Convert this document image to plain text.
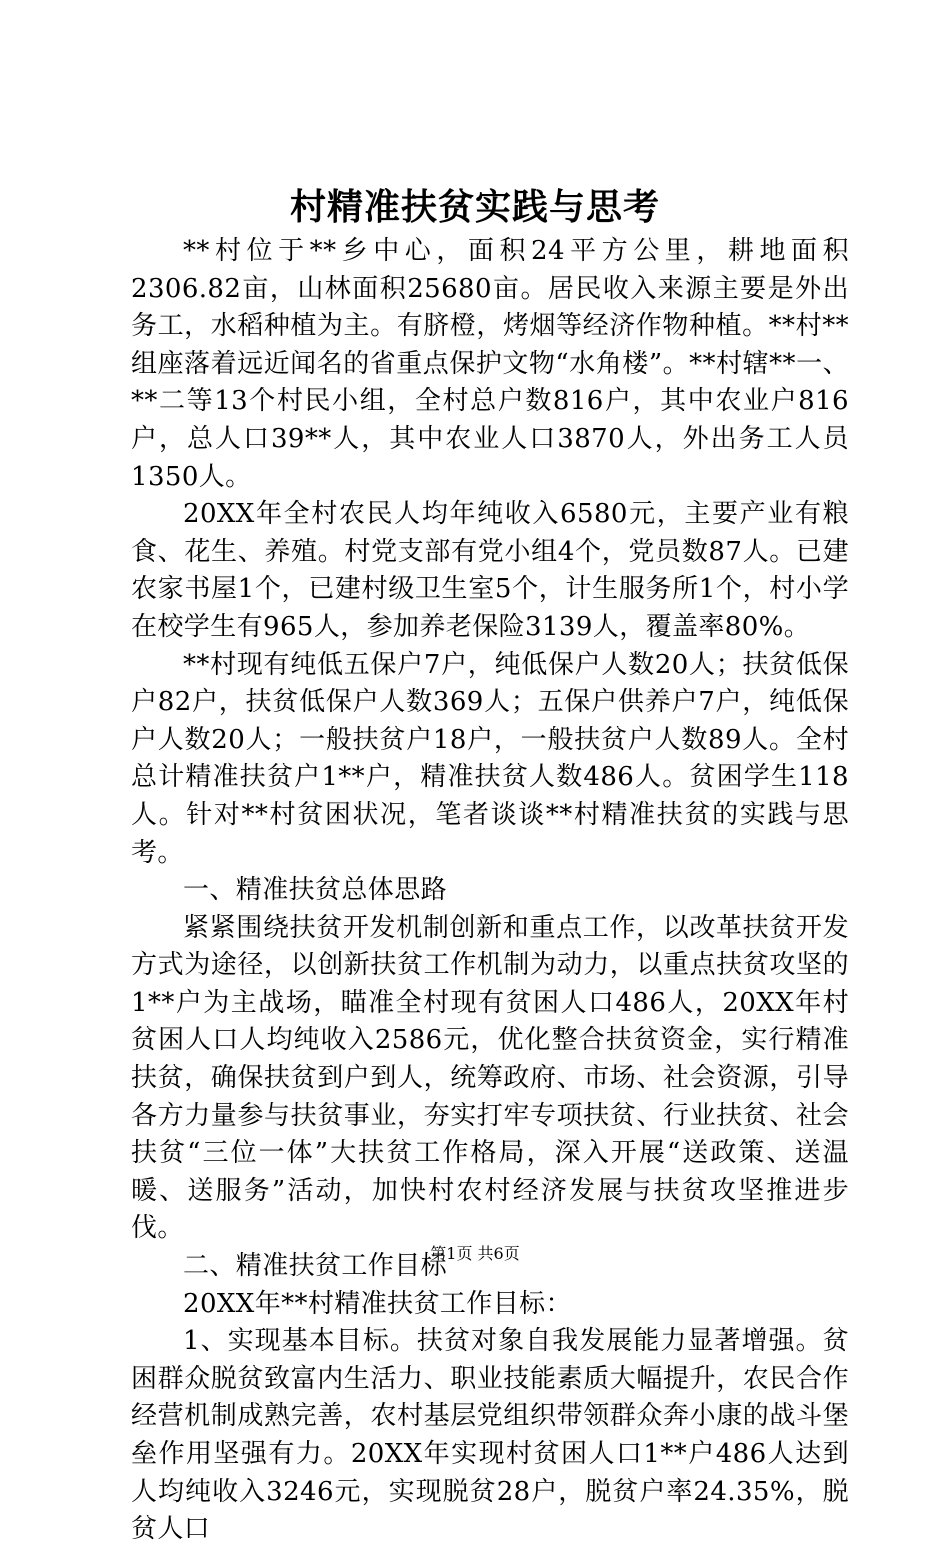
村精准扶贫实践与思考

**村位于**乡中心，面积24平方公里，耕地面积2306.82亩，山林面积25680亩。居民收入来源主要是外出务工，水稻种植为主。有脐橙，烤烟等经济作物种植。**村**组座落着远近闻名的省重点保护文物“水角楼”。**村辖**一、**二等13个村民小组，全村总户数816户，其中农业户816户，总人口39**人，其中农业人口3870人，外出务工人员1350人。

20XX年全村农民人均年纯收入6580元，主要产业有粮食、花生、养殖。村党支部有党小组4个，党员数87人。已建农家书屋1个，已建村级卫生室5个，计生服务所1个，村小学在校学生有965人，参加养老保险3139人，覆盖率80%。

**村现有纯低五保户7户，纯低保户人数20人；扶贫低保户82户，扶贫低保户人数369人；五保户供养户7户，纯低保户人数20人；一般扶贫户18户，一般扶贫户人数89人。全村总计精准扶贫户1**户，精准扶贫人数486人。贫困学生118人。针对**村贫困状况，笔者谈谈**村精准扶贫的实践与思考。

一、精准扶贫总体思路

紧紧围绕扶贫开发机制创新和重点工作，以改革扶贫开发方式为途径，以创新扶贫工作机制为动力，以重点扶贫攻坚的1**户为主战场，瞄准全村现有贫困人口486人，20XX年村贫困人口人均纯收入2586元，优化整合扶贫资金，实行精准扶贫，确保扶贫到户到人，统筹政府、市场、社会资源，引导各方力量参与扶贫事业，夯实打牢专项扶贫、行业扶贫、社会扶贫“三位一体”大扶贫工作格局，深入开展“送政策、送温暖、送服务”活动，加快村农村经济发展与扶贫攻坚推进步伐。

二、精准扶贫工作目标

20XX年**村精准扶贫工作目标：

1、实现基本目标。扶贫对象自我发展能力显著增强。贫困群众脱贫致富内生活力、职业技能素质大幅提升，农民合作经营机制成熟完善，农村基层党组织带领群众奔小康的战斗堡垒作用坚强有力。20XX年实现村贫困人口1**户486人达到人均纯收入3246元，实现脱贫28户，脱贫户率24.35%，脱贫人口

第1页 共6页
